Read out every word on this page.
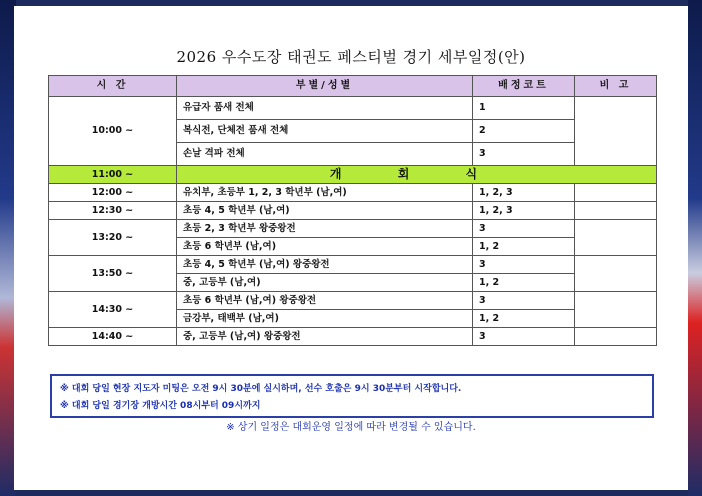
2026 우수도장 태권도 페스티벌 경기 세부일정(안)
시 간	부별/성별	배정코트	비 고
10:00 ~	유급자 품새 전체	1	
	복식전, 단체전 품새 전체	2	
	손날 격파 전체	3	
11:00 ~	개 회 식		
12:00 ~	유치부, 초등부 1, 2, 3 학년부 (남,여)	1, 2, 3	
12:30 ~	초등 4, 5 학년부 (남,여)	1, 2, 3	
13:20 ~	초등 2, 3 학년부 왕중왕전	3	
	초등 6 학년부 (남,여)	1, 2	
13:50 ~	초등 4, 5 학년부 (남,여) 왕중왕전	3	
	중, 고등부 (남,여)	1, 2	
14:30 ~	초등 6 학년부 (남,여) 왕중왕전	3	
	금강부, 태백부 (남,여)	1, 2	
14:40 ~	중, 고등부 (남,여) 왕중왕전	3	
※ 대회 당일 현장 지도자 미팅은 오전 9시 30분에 실시하며, 선수 호출은 9시 30분부터 시작합니다.
※ 대회 당일 경기장 개방시간 08시부터 09시까지
※ 상기 일정은 대회운영 일정에 따라 변경될 수 있습니다.
